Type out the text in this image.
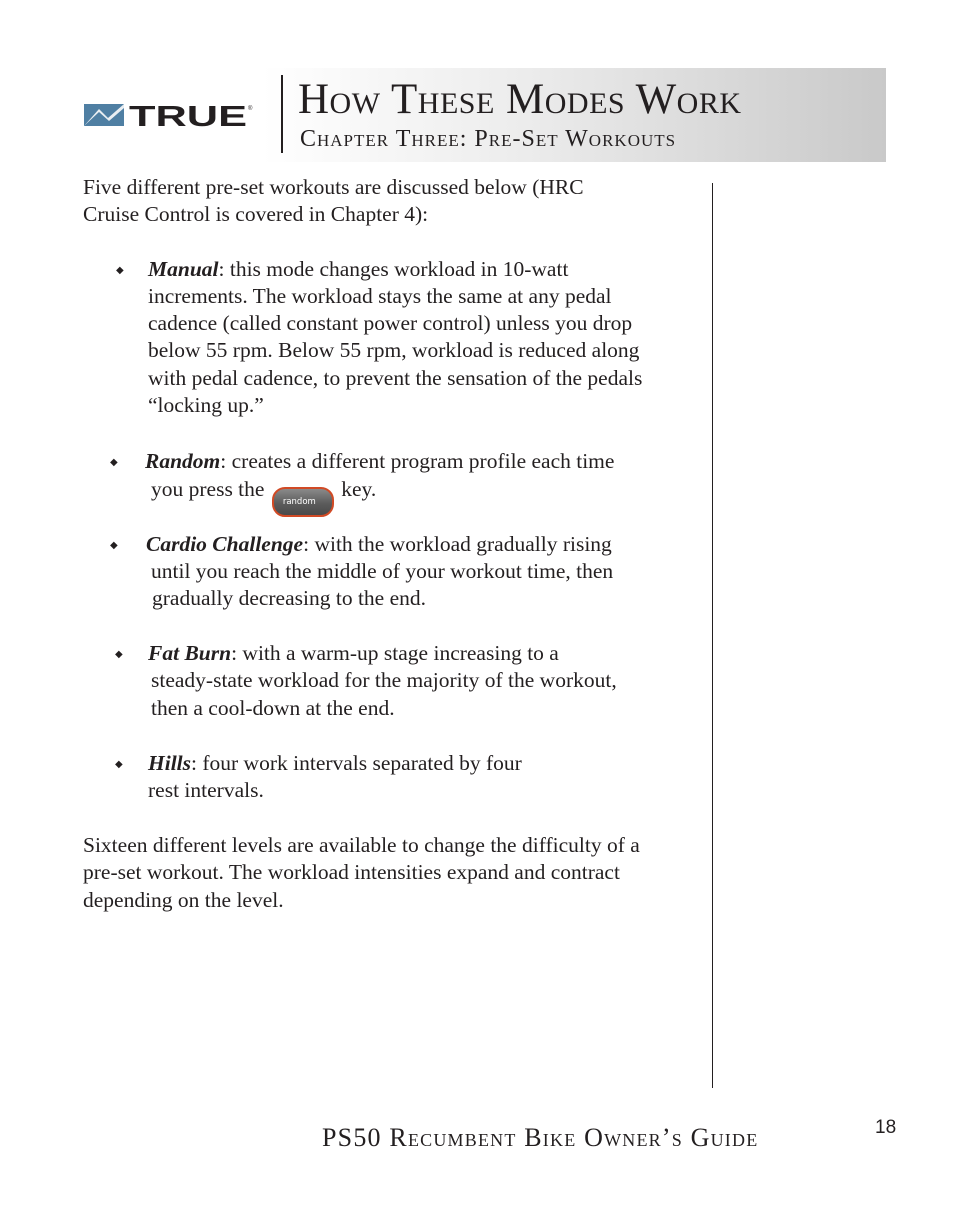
TRUE ® How These Modes Work
Chapter Three: Pre-Set Workouts

Five different pre-set workouts are discussed below (HRC

Cruise Control is covered in Chapter 4):

◆ Manual: this mode changes workload in 10-watt

increments. The workload stays the same at any pedal

cadence (called constant power control) unless you drop

below 55 rpm. Below 55 rpm, workload is reduced along

with pedal cadence, to prevent the sensation of the pedals

“locking up.”

◆ Random: creates a different program profile each time

you press the random key.

◆ Cardio Challenge: with the workload gradually rising

until you reach the middle of your workout time, then

gradually decreasing to the end.

◆ Fat Burn: with a warm-up stage increasing to a

steady-state workload for the majority of the workout,

then a cool-down at the end.

◆ Hills: four work intervals separated by four

rest intervals.

Sixteen different levels are available to change the difficulty of a

pre-set workout. The workload intensities expand and contract

depending on the level.

PS50 Recumbent Bike Owner’s Guide	18
